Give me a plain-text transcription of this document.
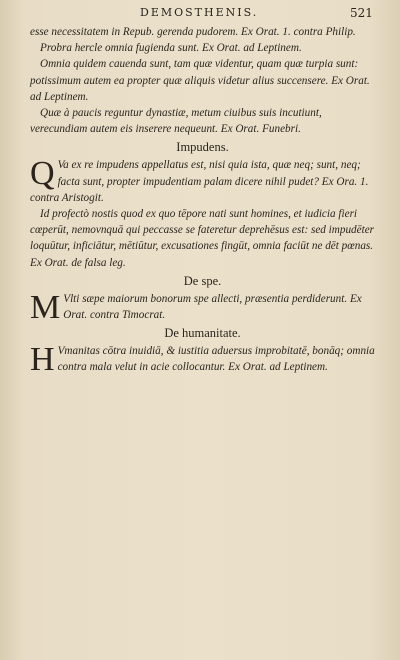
DEMOSTHENIS.	521

esse necessitatem in Repub. gerenda pudorem. Ex Orat. 1. contra Philip.

Probra hercle omnia fugienda sunt. Ex Orat. ad Leptinem.

Omnia quidem cauenda sunt, tam quæ videntur, quam quæ turpia sunt: potissimum autem ea propter quæ aliquis videtur alius succensere. Ex Orat. ad Leptinem.

Quæ à paucis reguntur dynastiæ, metum ciuibus suis incutiunt, verecundiam autem eis inserere nequeunt. Ex Orat. Funebri.

Impudens.

Q Va ex re impudens appellatus est, nisi quia ista, quæ neq; sunt, neq; facta sunt, propter impudentiam palam dicere nihil pudet? Ex Ora. 1. contra Aristogit.

Id profectò nostis quod ex quo tēpore nati sunt homines, et iudicia fieri cœperūt, nemovnquā qui peccasse se fateretur deprehēsus est: sed impudēter loquūtur, inficiātur, mētiūtur, excusationes fingūt, omnia faciūt ne dēt pœnas. Ex Orat. de falsa leg.

De spe.

M Vlti sæpe maiorum bonorum spe allecti, præsentia perdiderunt. Ex Orat. contra Timocrat.

De humanitate.

H Vmanitas cōtra inuidiā, & iustitia aduersus improbitatē, bonāq; omnia contra mala velut in acie collocantur. Ex Orat. ad Leptinem.
